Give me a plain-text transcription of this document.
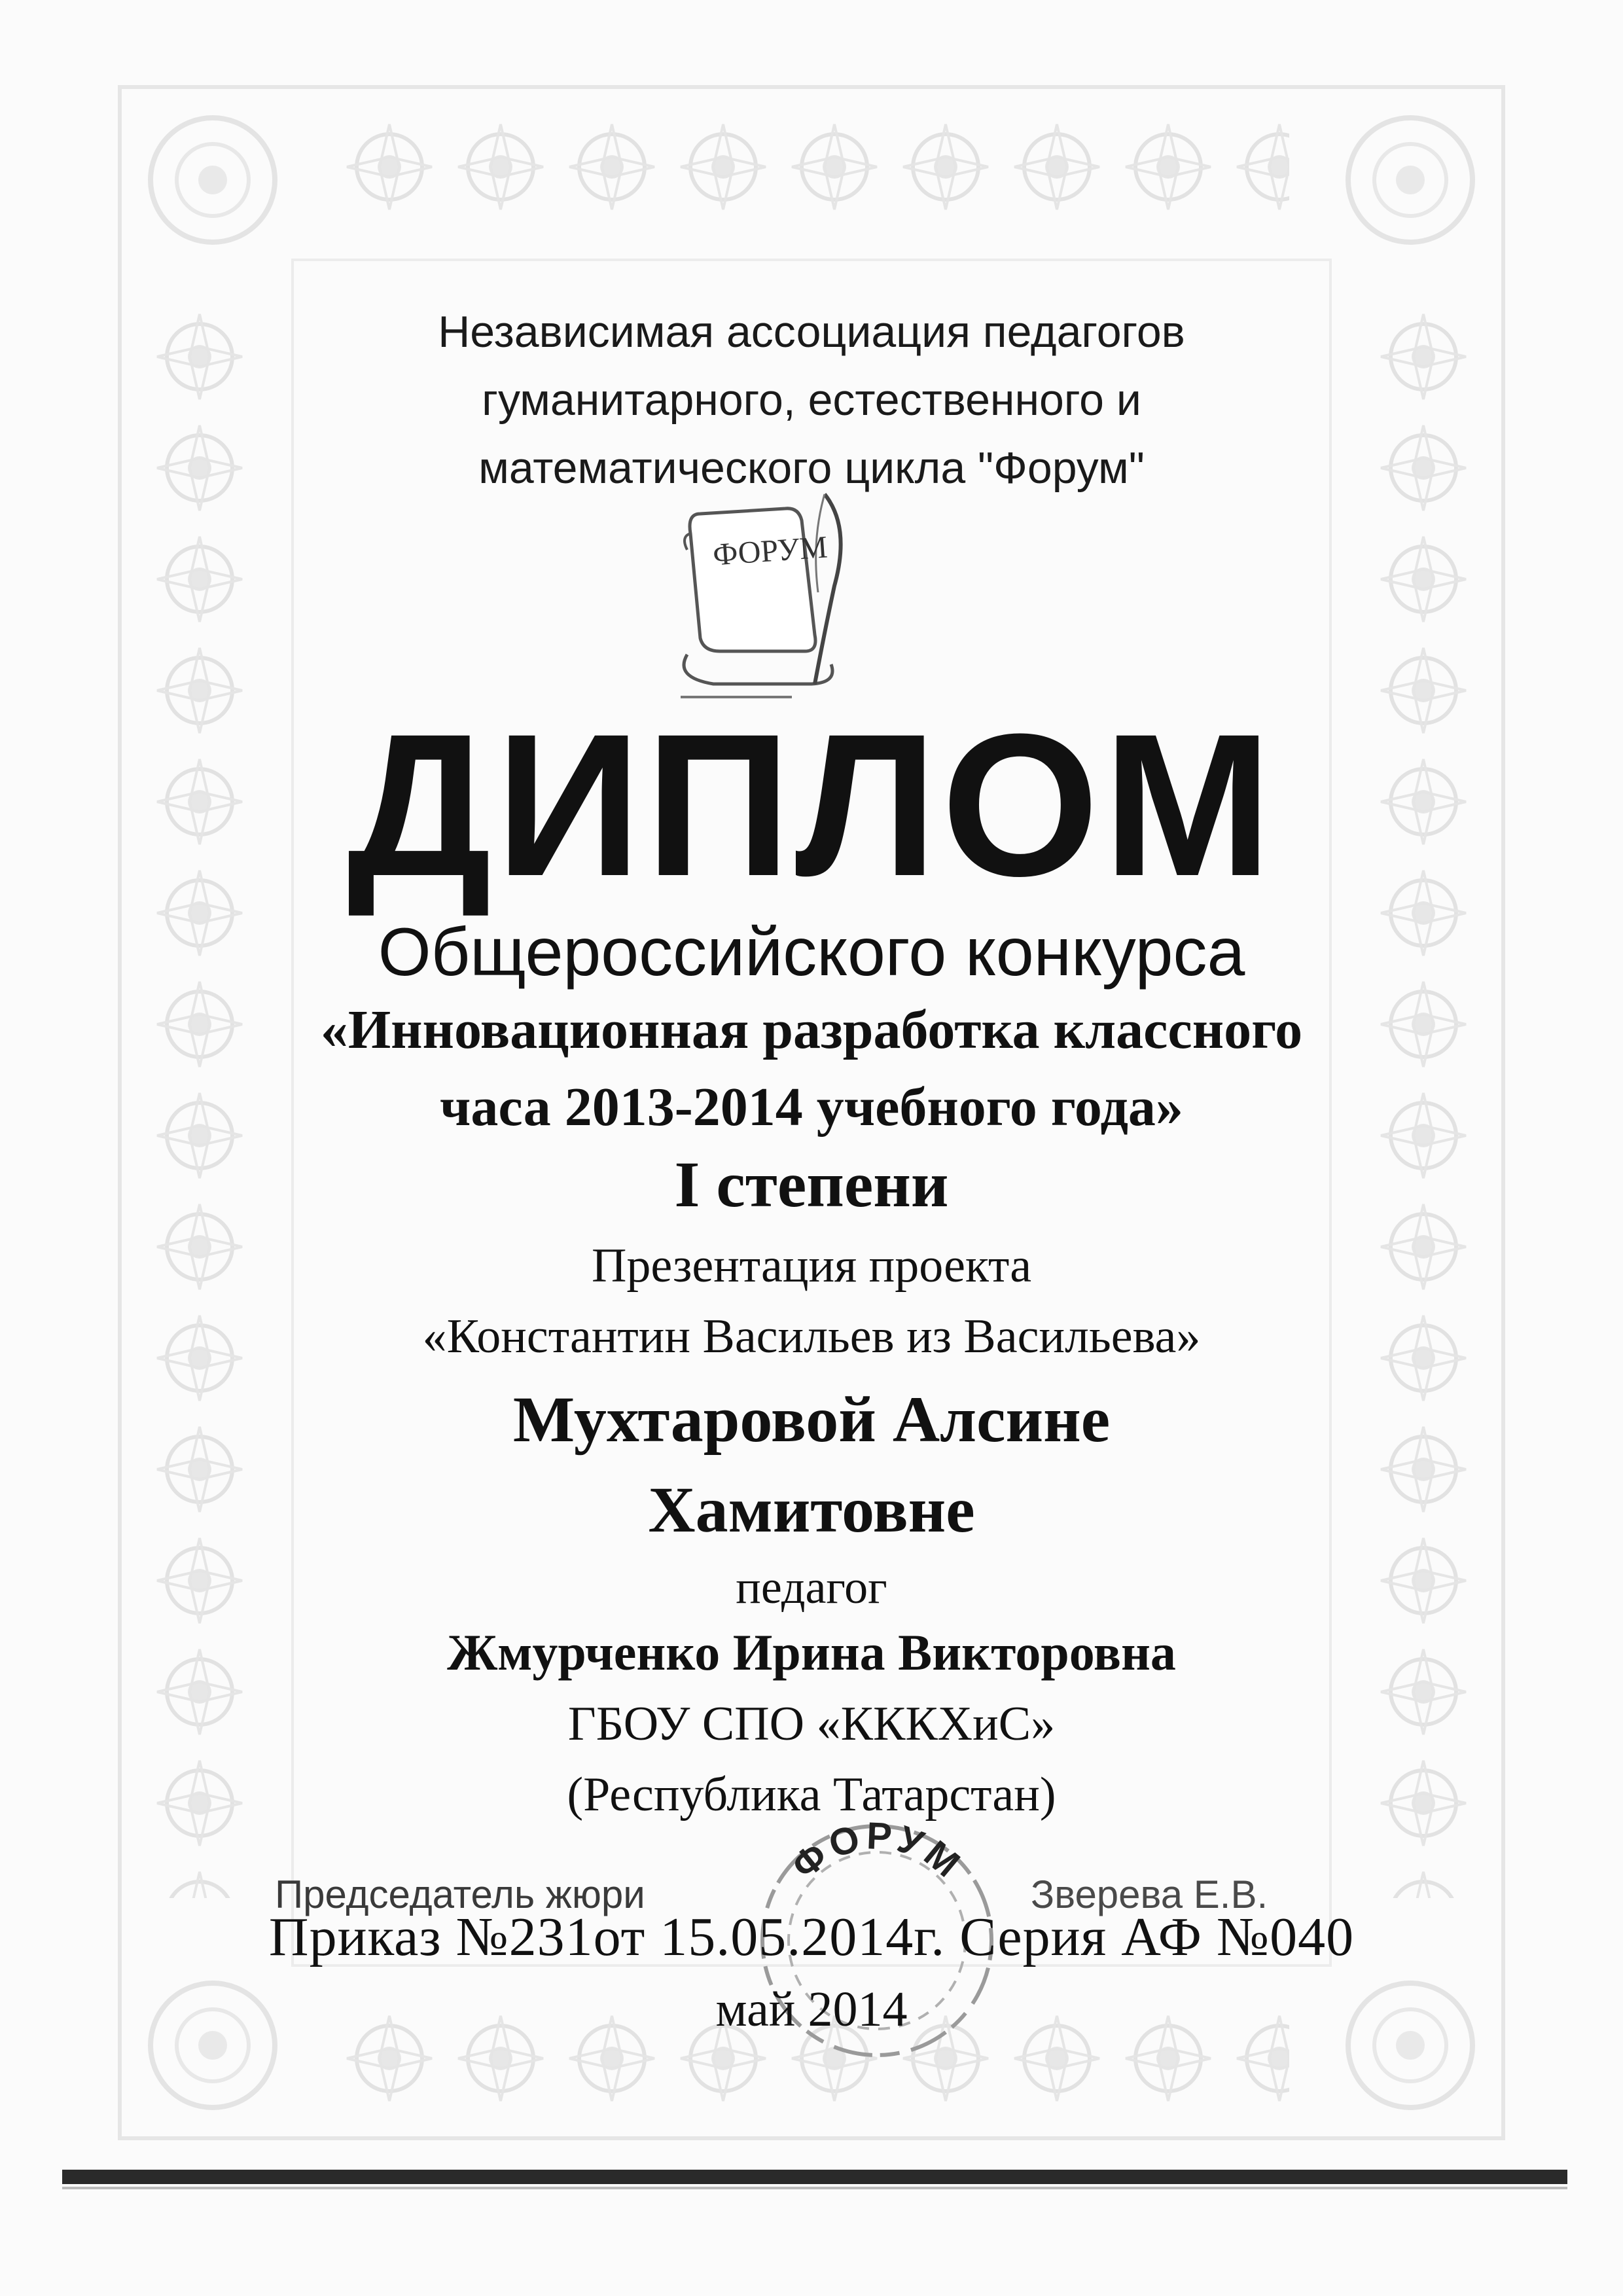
Независимая ассоциация педагогов
гуманитарного, естественного и
математического цикла "Форум"
ФОРУМ
ДИПЛОМ
Общероссийского конкурса
«Инновационная разработка классного
часа 2013-2014 учебного года»
I степени
Презентация проекта
«Константин Васильев из Васильева»
Мухтаровой Алсине
Хамитовне
педагог
Жмурченко Ирина Викторовна
ГБОУ СПО «КККХиС»
(Республика Татарстан)
ФОРУМ
Председатель жюри	Зверева Е.В.
Приказ №231от 15.05.2014г. Серия АФ №040
май 2014
